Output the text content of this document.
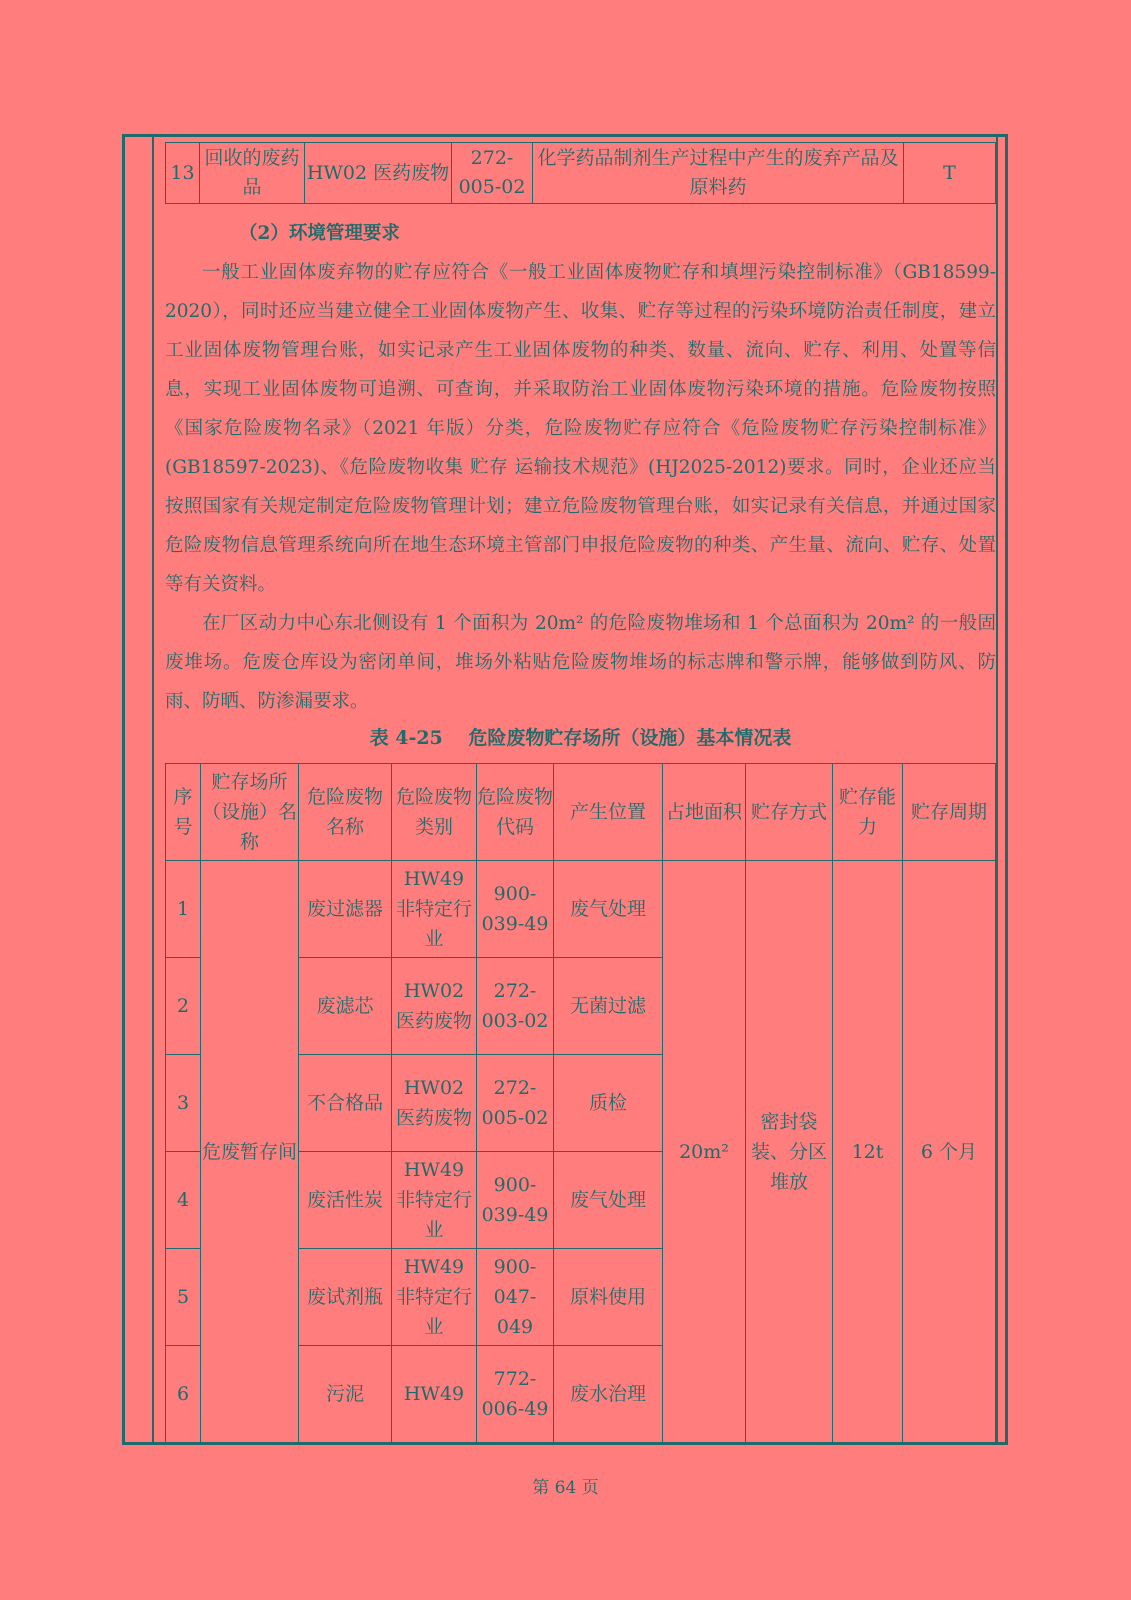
13	回收的废药品	HW02 医药废物	272-005-02	化学药品制剂生产过程中产生的废弃产品及原料药	T

（2）环境管理要求

一般工业固体废弃物的贮存应符合《一般工业固体废物贮存和填埋污染控制标准》（GB18599-2020），同时还应当建立健全工业固体废物产生、收集、贮存等过程的污染环境防治责任制度，建立工业固体废物管理台账，如实记录产生工业固体废物的种类、数量、流向、贮存、利用、处置等信息，实现工业固体废物可追溯、可查询，并采取防治工业固体废物污染环境的措施。危险废物按照《国家危险废物名录》（2021 年版）分类，危险废物贮存应符合《危险废物贮存污染控制标准》(GB18597-2023)、《危险废物收集 贮存 运输技术规范》(HJ2025-2012)要求。同时，企业还应当按照国家有关规定制定危险废物管理计划；建立危险废物管理台账，如实记录有关信息，并通过国家危险废物信息管理系统向所在地生态环境主管部门申报危险废物的种类、产生量、流向、贮存、处置等有关资料。

在厂区动力中心东北侧设有 1 个面积为 20m² 的危险废物堆场和 1 个总面积为 20m² 的一般固废堆场。危废仓库设为密闭单间，堆场外粘贴危险废物堆场的标志牌和警示牌，能够做到防风、防雨、防晒、防渗漏要求。

表 4-25　 危险废物贮存场所（设施）基本情况表
序号	贮存场所（设施）名称	危险废物名称	危险废物类别	危险废物代码	产生位置	占地面积	贮存方式	贮存能力	贮存周期
1	危废暂存间	废过滤器	HW49 非特定行业	900-039-49	废气处理	20m²	密封袋装、分区堆放	12t	6 个月
2		废滤芯	HW02 医药废物	272-003-02	无菌过滤				
3		不合格品	HW02 医药废物	272-005-02	质检				
4		废活性炭	HW49 非特定行业	900-039-49	废气处理				
5		废试剂瓶	HW49 非特定行业	900-047-049	原料使用				
6		污泥	HW49	772-006-49	废水治理				
第 64 页
